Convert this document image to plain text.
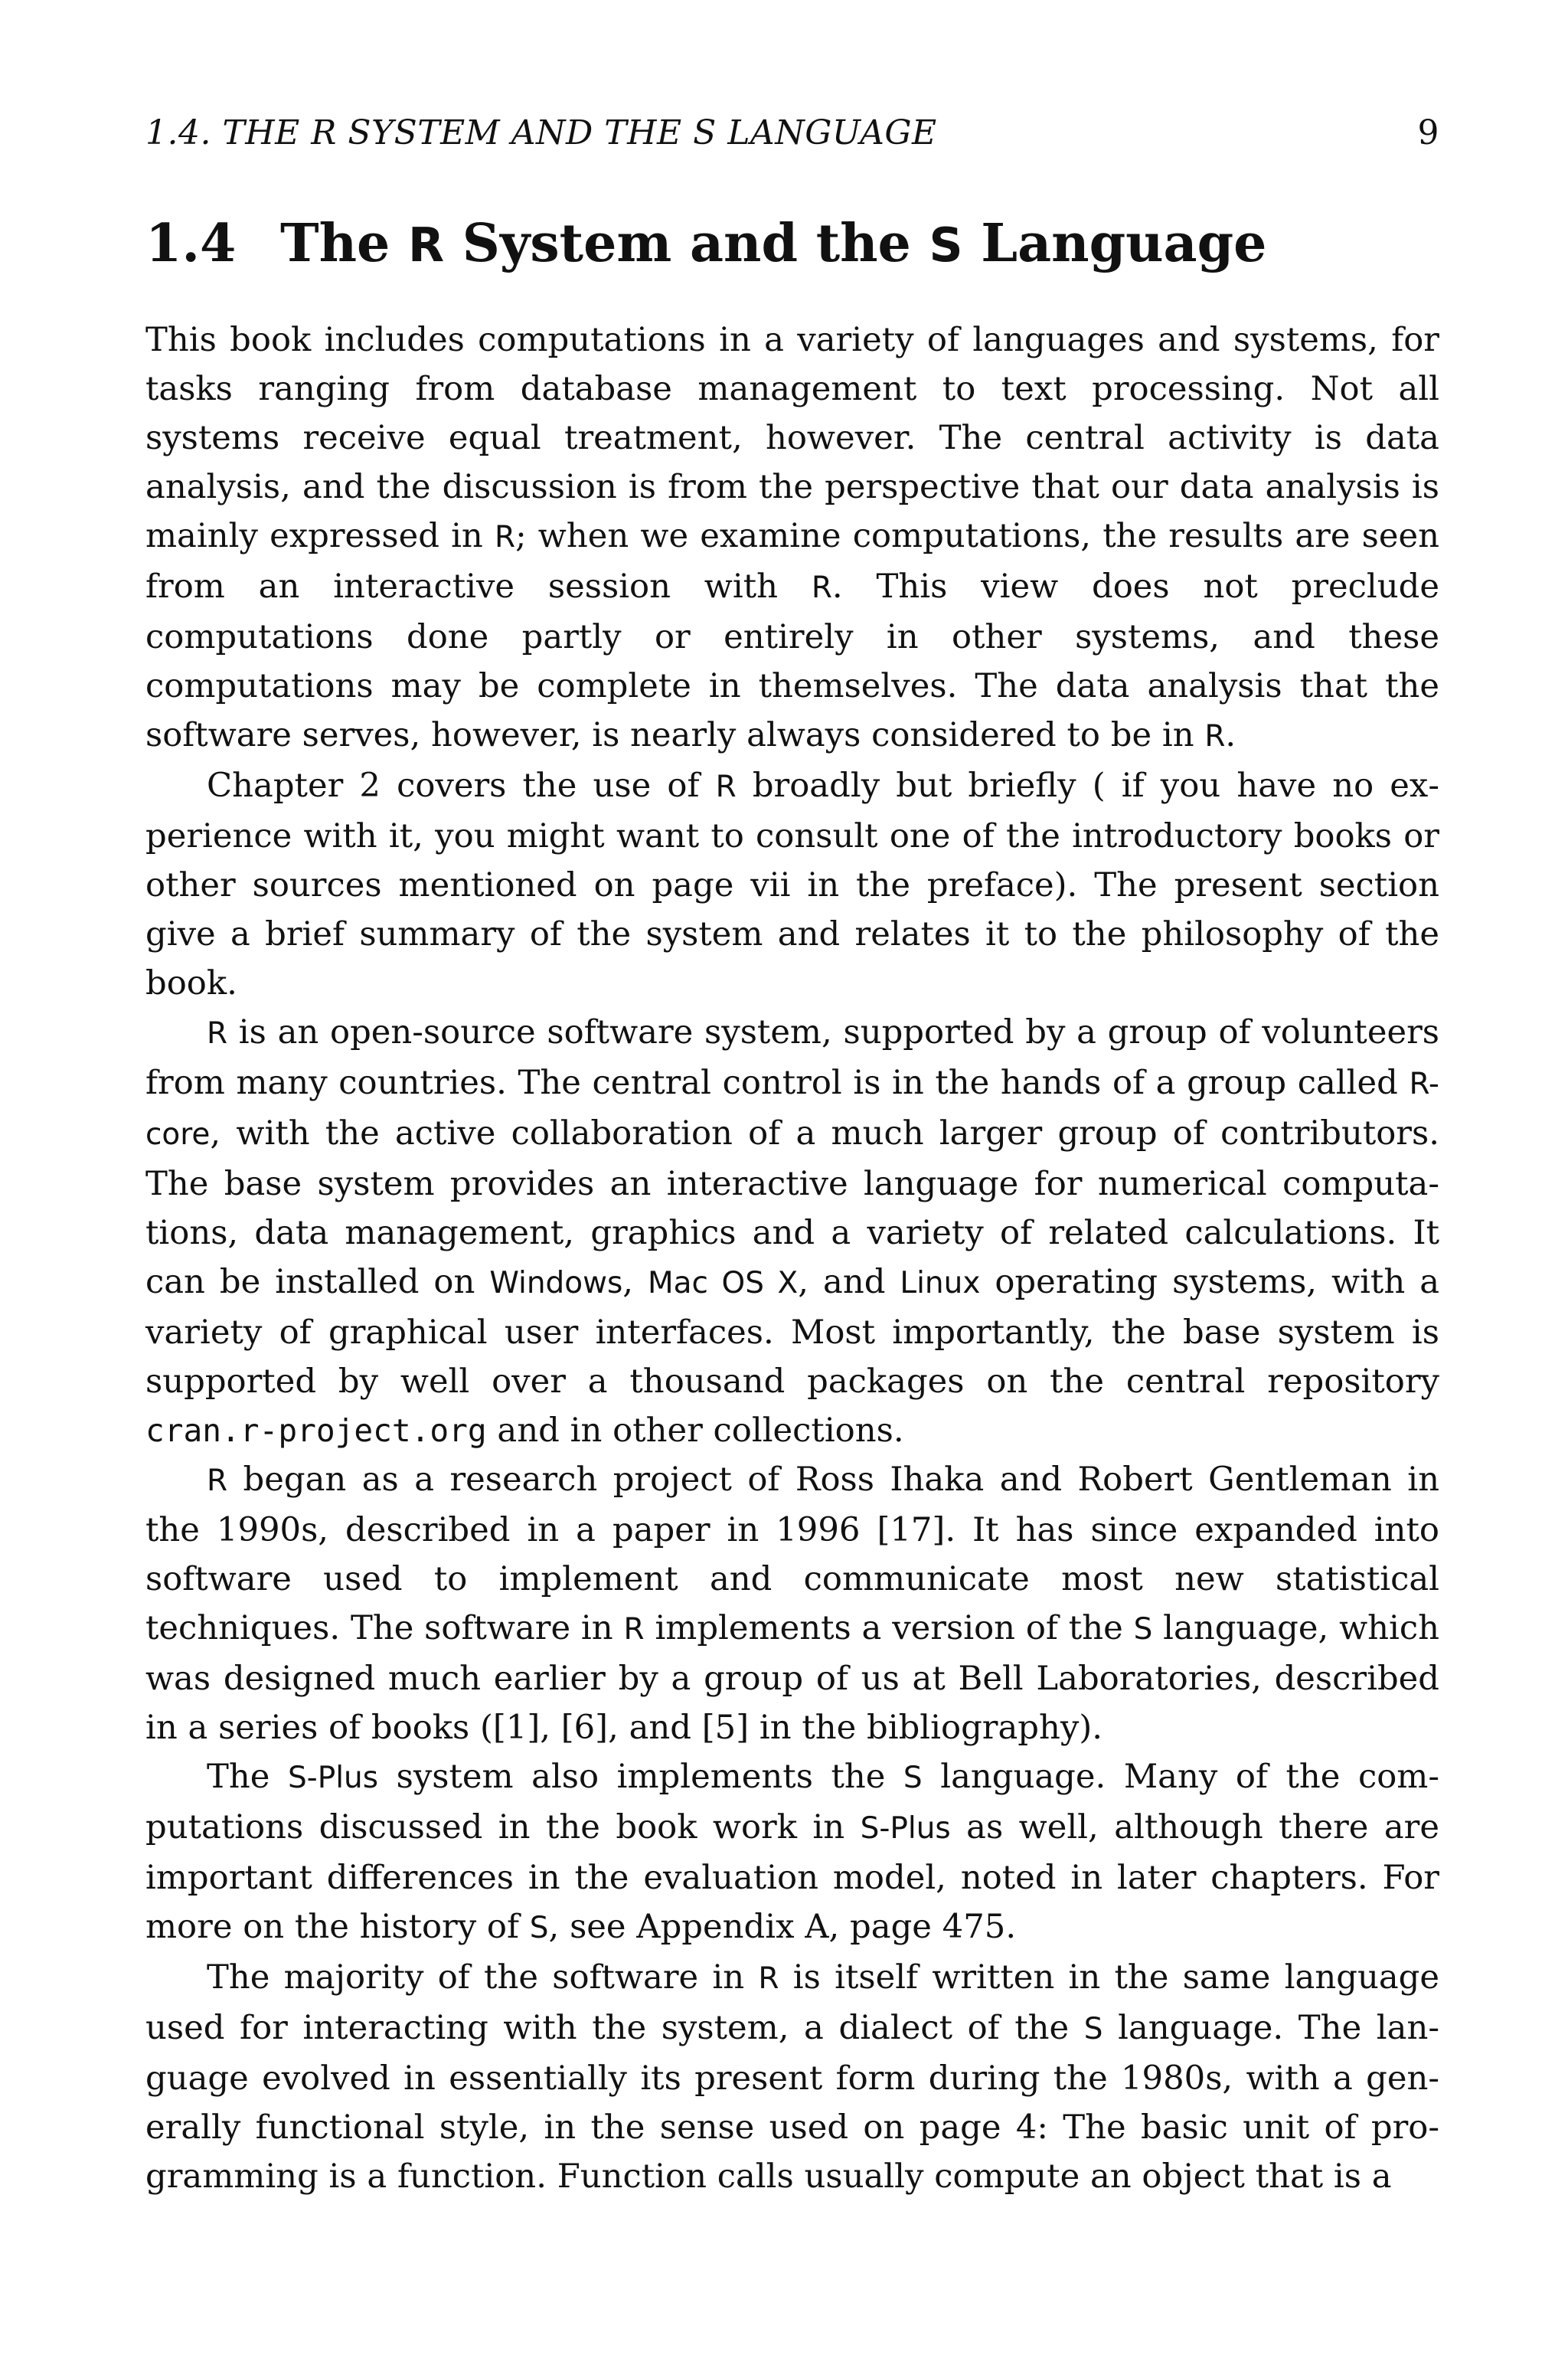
1.4. THE R SYSTEM AND THE S LANGUAGE	9
1.4 The R System and the S Language

This book includes computations in a variety of languages and systems, for tasks ranging from database management to text processing. Not all systems receive equal treatment, however. The central activity is data analysis, and the discussion is from the perspective that our data analysis is mainly expressed in R; when we examine computations, the results are seen from an interactive session with R. This view does not preclude computations done partly or entirely in other systems, and these computations may be complete in themselves. The data analysis that the software serves, however, is nearly always considered to be in R.

Chapter 2 covers the use of R broadly but briefly ( if you have no experience with it, you might want to consult one of the introductory books or other sources mentioned on page vii in the preface). The present section give a brief summary of the system and relates it to the philosophy of the book.

R is an open-source software system, supported by a group of volunteers from many countries. The central control is in the hands of a group called R-core, with the active collaboration of a much larger group of contributors. The base system provides an interactive language for numerical computations, data management, graphics and a variety of related calculations. It can be installed on Windows, Mac OS X, and Linux operating systems, with a variety of graphical user interfaces. Most importantly, the base system is supported by well over a thousand packages on the central repository cran.r-project.org and in other collections.

R began as a research project of Ross Ihaka and Robert Gentleman in the 1990s, described in a paper in 1996 [17]. It has since expanded into software used to implement and communicate most new statistical techniques. The software in R implements a version of the S language, which was designed much earlier by a group of us at Bell Laboratories, described in a series of books ([1], [6], and [5] in the bibliography).

The S-Plus system also implements the S language. Many of the computations discussed in the book work in S-Plus as well, although there are important differences in the evaluation model, noted in later chapters. For more on the history of S, see Appendix A, page 475.

The majority of the software in R is itself written in the same language used for interacting with the system, a dialect of the S language. The language evolved in essentially its present form during the 1980s, with a generally functional style, in the sense used on page 4: The basic unit of programming is a function. Function calls usually compute an object that is a
